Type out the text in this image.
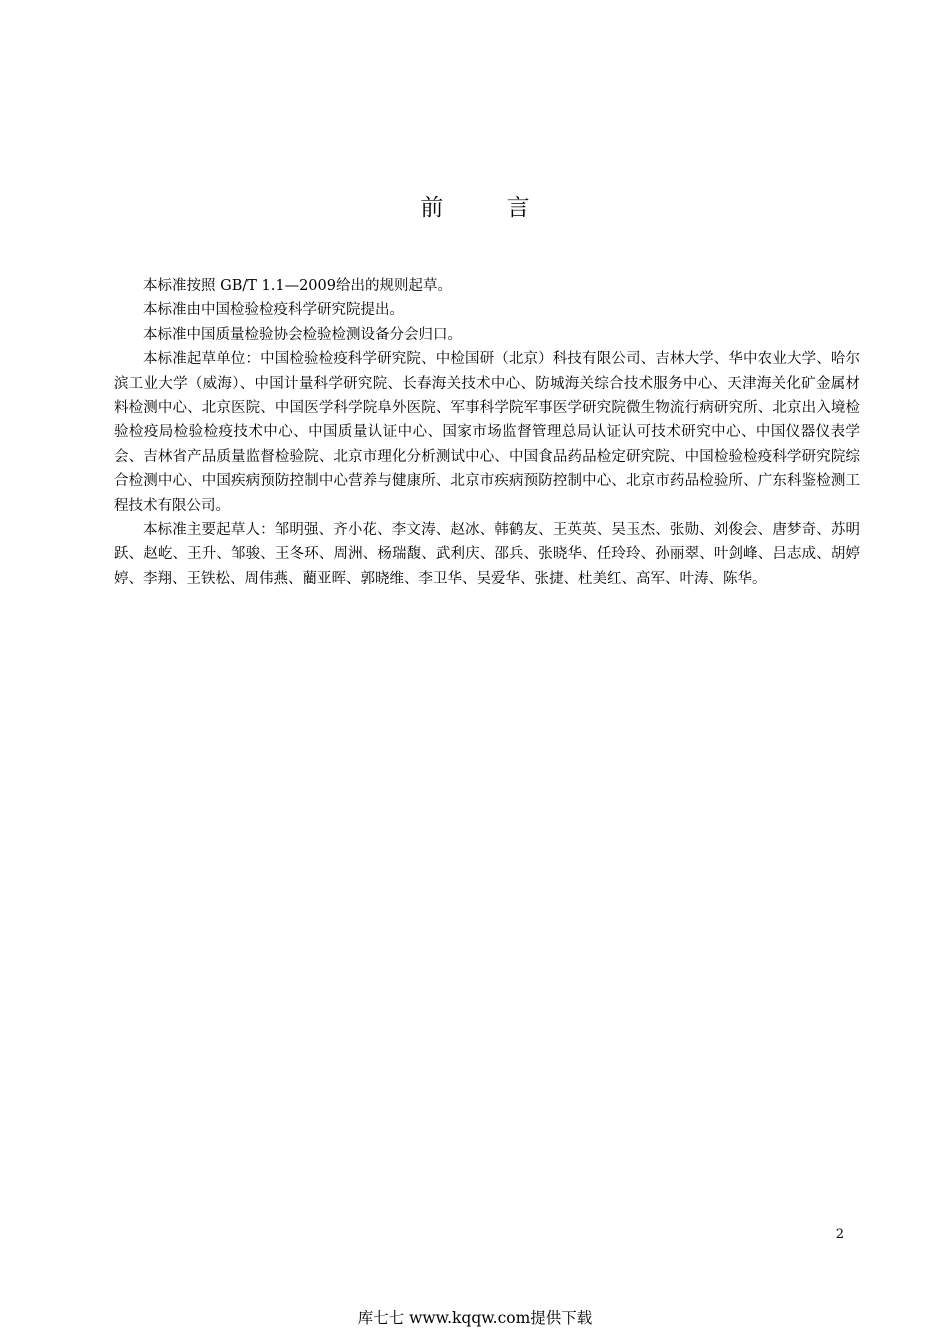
前 言

本标准按照 GB/T 1.1—2009给出的规则起草。

本标准由中国检验检疫科学研究院提出。

本标准中国质量检验协会检验检测设备分会归口。

本标准起草单位：中国检验检疫科学研究院、中检国研（北京）科技有限公司、吉林大学、华中农业大学、哈尔滨工业大学（威海）、中国计量科学研究院、长春海关技术中心、防城海关综合技术服务中心、天津海关化矿金属材料检测中心、北京医院、中国医学科学院阜外医院、军事科学院军事医学研究院微生物流行病研究所、北京出入境检验检疫局检验检疫技术中心、中国质量认证中心、国家市场监督管理总局认证认可技术研究中心、中国仪器仪表学会、吉林省产品质量监督检验院、北京市理化分析测试中心、中国食品药品检定研究院、中国检验检疫科学研究院综合检测中心、中国疾病预防控制中心营养与健康所、北京市疾病预防控制中心、北京市药品检验所、广东科鉴检测工程技术有限公司。

本标准主要起草人：邹明强、齐小花、李文涛、赵冰、韩鹤友、王英英、吴玉杰、张勋、刘俊会、唐梦奇、苏明跃、赵屹、王升、邹骏、王冬环、周洲、杨瑞馥、武利庆、邵兵、张晓华、任玲玲、孙丽翠、叶剑峰、吕志成、胡婷婷、李翔、王铁松、周伟燕、藺亚晖、郭晓维、李卫华、吴爱华、张捷、杜美红、高军、叶涛、陈华。

2
库七七 www.kqqw.com提供下载
